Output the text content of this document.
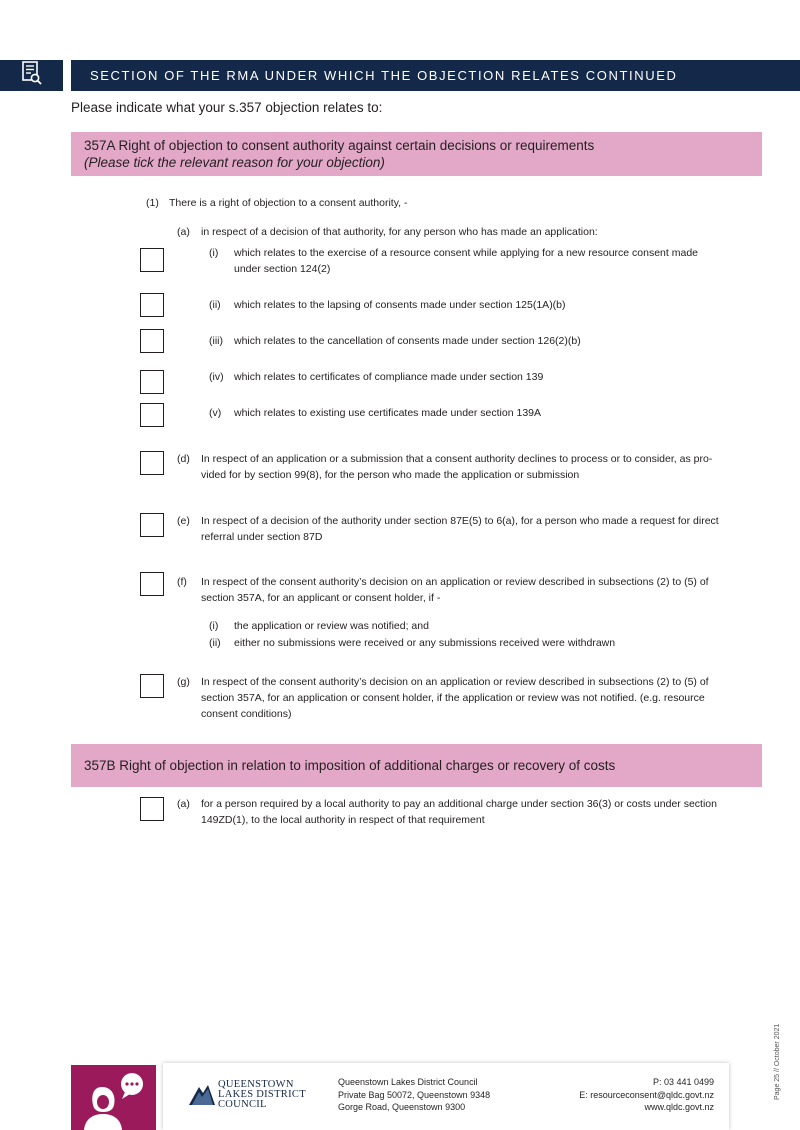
SECTION OF THE RMA UNDER WHICH THE OBJECTION RELATES CONTINUED
Please indicate what your s.357 objection relates to:
357A Right of objection to consent authority against certain decisions or requirements
(Please tick the relevant reason for your objection)
(1) There is a right of objection to a consent authority, -
(a) in respect of a decision of that authority, for any person who has made an application:
(i) which relates to the exercise of a resource consent while applying for a new resource consent made
under section 124(2)
(ii) which relates to the lapsing of consents made under section 125(1A)(b)
(iii) which relates to the cancellation of consents made under section 126(2)(b)
(iv) which relates to certificates of compliance made under section 139
(v) which relates to existing use certificates made under section 139A
(d) In respect of an application or a submission that a consent authority declines to process or to consider, as pro-
vided for by section 99(8), for the person who made the application or submission
(e) In respect of a decision of the authority under section 87E(5) to 6(a), for a person who made a request for direct
referral under section 87D
(f) In respect of the consent authority’s decision on an application or review described in subsections (2) to (5) of
section 357A, for an applicant or consent holder, if -
(i) the application or review was notified; and
(ii) either no submissions were received or any submissions received were withdrawn
(g) In respect of the consent authority’s decision on an application or review described in subsections (2) to (5) of
section 357A, for an application or consent holder, if the application or review was not notified. (e.g. resource
consent conditions)
357B Right of objection in relation to imposition of additional charges or recovery of costs
(a) for a person required by a local authority to pay an additional charge under section 36(3) or costs under section
149ZD(1), to the local authority in respect of that requirement
Page 25 // October 2021
QUEENSTOWN
LAKES DISTRICT
COUNCIL
Queenstown Lakes District Council
Private Bag 50072, Queenstown 9348
Gorge Road, Queenstown 9300
P: 03 441 0499
E: resourceconsent@qldc.govt.nz
www.qldc.govt.nz
